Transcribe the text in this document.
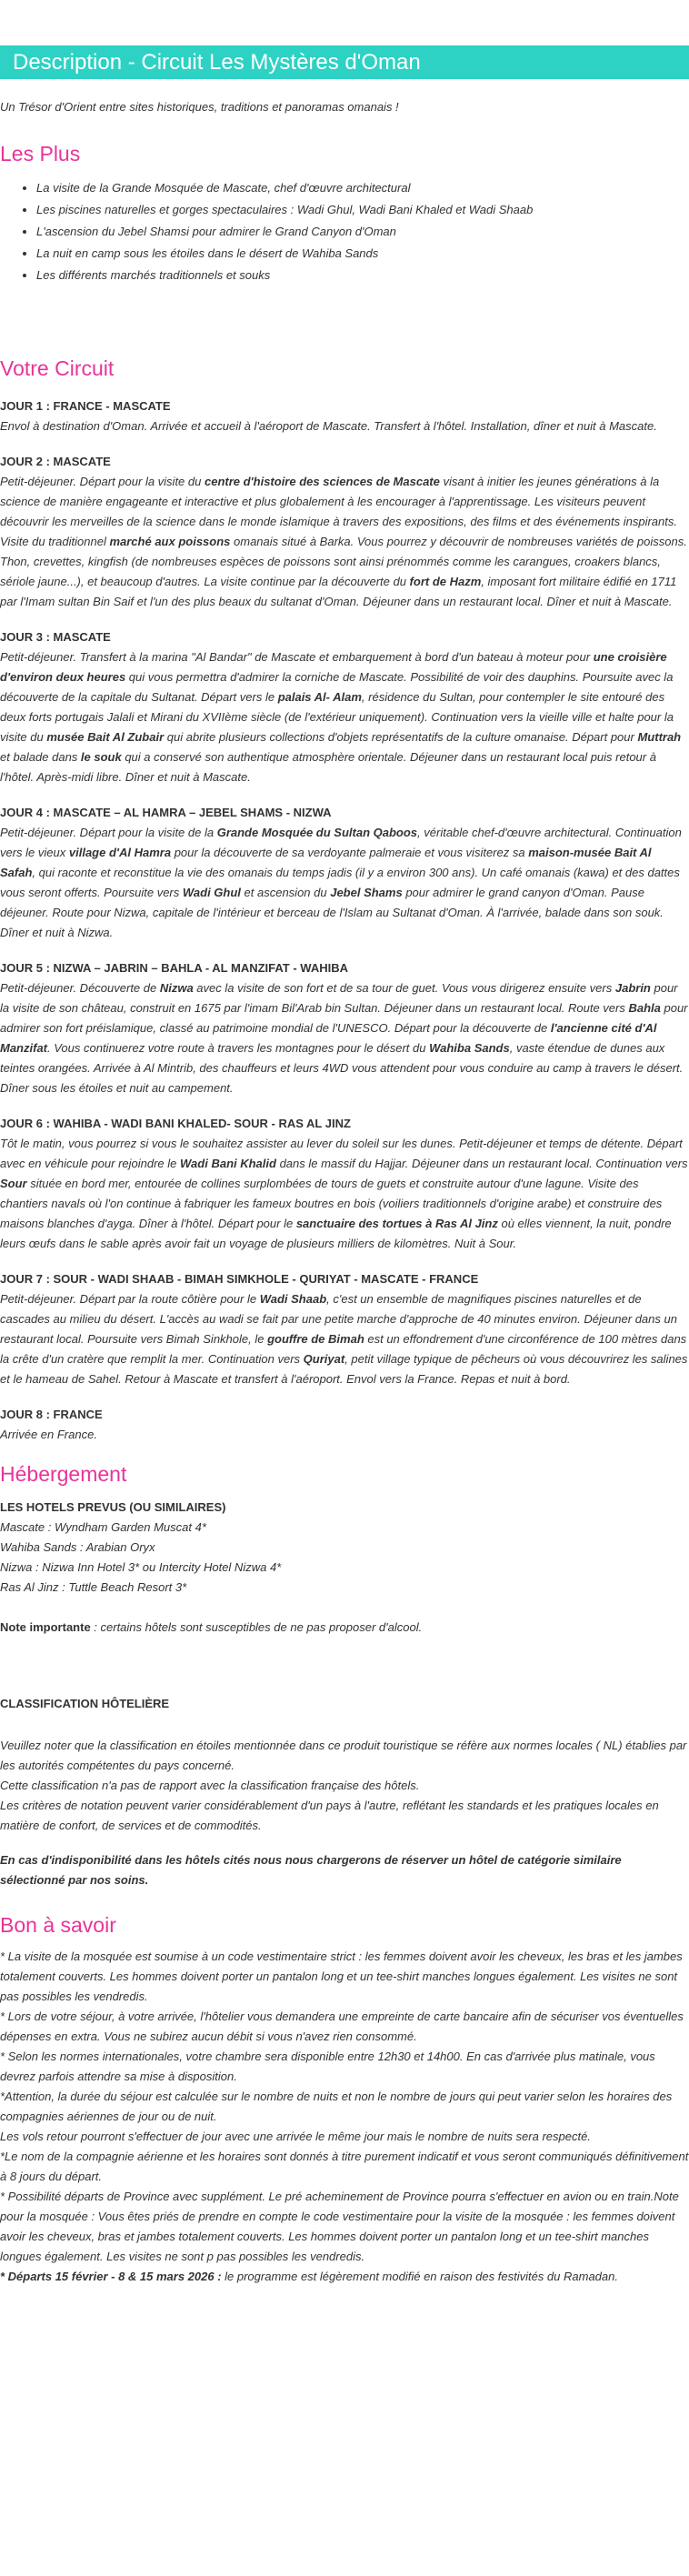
Description - Circuit Les Mystères d'Oman

Un Trésor d'Orient entre sites historiques, traditions et panoramas omanais !

Les Plus
• La visite de la Grande Mosquée de Mascate, chef d'œuvre architectural
• Les piscines naturelles et gorges spectaculaires : Wadi Ghul, Wadi Bani Khaled et Wadi Shaab
• L'ascension du Jebel Shamsi pour admirer le Grand Canyon d'Oman
• La nuit en camp sous les étoiles dans le désert de Wahiba Sands
• Les différents marchés traditionnels et souks
Votre Circuit
JOUR 1 : FRANCE - MASCATE

Envol à destination d'Oman. Arrivée et accueil à l'aéroport de Mascate. Transfert à l'hôtel. Installation, dîner et nuit à Mascate.

JOUR 2 : MASCATE

Petit-déjeuner. Départ pour la visite du centre d'histoire des sciences de Mascate visant à initier les jeunes générations à la science de manière engageante et interactive et plus globalement à les encourager à l'apprentissage. Les visiteurs peuvent découvrir les merveilles de la science dans le monde islamique à travers des expositions, des films et des événements inspirants. Visite du traditionnel marché aux poissons omanais situé à Barka. Vous pourrez y découvrir de nombreuses variétés de poissons. Thon, crevettes, kingfish (de nombreuses espèces de poissons sont ainsi prénommés comme les carangues, croakers blancs, sériole jaune...), et beaucoup d'autres. La visite continue par la découverte du fort de Hazm, imposant fort militaire édifié en 1711 par l'Imam sultan Bin Saif et l'un des plus beaux du sultanat d'Oman. Déjeuner dans un restaurant local. Dîner et nuit à Mascate.

JOUR 3 : MASCATE

Petit-déjeuner. Transfert à la marina "Al Bandar" de Mascate et embarquement à bord d'un bateau à moteur pour une croisière d'environ deux heures qui vous permettra d'admirer la corniche de Mascate. Possibilité de voir des dauphins. Poursuite avec la découverte de la capitale du Sultanat. Départ vers le palais Al- Alam, résidence du Sultan, pour contempler le site entouré des deux forts portugais Jalali et Mirani du XVIIème siècle (de l'extérieur uniquement). Continuation vers la vieille ville et halte pour la visite du musée Bait Al Zubair qui abrite plusieurs collections d'objets représentatifs de la culture omanaise. Départ pour Muttrah et balade dans le souk qui a conservé son authentique atmosphère orientale. Déjeuner dans un restaurant local puis retour à l'hôtel. Après-midi libre. Dîner et nuit à Mascate.

JOUR 4 : MASCATE – AL HAMRA – JEBEL SHAMS - NIZWA

Petit-déjeuner. Départ pour la visite de la Grande Mosquée du Sultan Qaboos, véritable chef-d'œuvre architectural. Continuation vers le vieux village d'Al Hamra pour la découverte de sa verdoyante palmeraie et vous visiterez sa maison-musée Bait Al Safah, qui raconte et reconstitue la vie des omanais du temps jadis (il y a environ 300 ans). Un café omanais (kawa) et des dattes vous seront offerts. Poursuite vers Wadi Ghul et ascension du Jebel Shams pour admirer le grand canyon d'Oman. Pause déjeuner. Route pour Nizwa, capitale de l'intérieur et berceau de l'Islam au Sultanat d'Oman. À l'arrivée, balade dans son souk. Dîner et nuit à Nizwa.

JOUR 5 : NIZWA – JABRIN – BAHLA - AL MANZIFAT - WAHIBA

Petit-déjeuner. Découverte de Nizwa avec la visite de son fort et de sa tour de guet. Vous vous dirigerez ensuite vers Jabrin pour la visite de son château, construit en 1675 par l'imam Bil'Arab bin Sultan. Déjeuner dans un restaurant local. Route vers Bahla pour admirer son fort préislamique, classé au patrimoine mondial de l'UNESCO. Départ pour la découverte de l'ancienne cité d'Al Manzifat. Vous continuerez votre route à travers les montagnes pour le désert du Wahiba Sands, vaste étendue de dunes aux teintes orangées. Arrivée à Al Mintrib, des chauffeurs et leurs 4WD vous attendent pour vous conduire au camp à travers le désert. Dîner sous les étoiles et nuit au campement.

JOUR 6 : WAHIBA - WADI BANI KHALED- SOUR - RAS AL JINZ

Tôt le matin, vous pourrez si vous le souhaitez assister au lever du soleil sur les dunes. Petit-déjeuner et temps de détente. Départ avec en véhicule pour rejoindre le Wadi Bani Khalid dans le massif du Hajjar. Déjeuner dans un restaurant local. Continuation vers Sour située en bord mer, entourée de collines surplombées de tours de guets et construite autour d'une lagune. Visite des chantiers navals où l'on continue à fabriquer les fameux boutres en bois (voiliers traditionnels d'origine arabe) et construire des maisons blanches d'ayga. Dîner à l'hôtel. Départ pour le sanctuaire des tortues à Ras Al Jinz où elles viennent, la nuit, pondre leurs œufs dans le sable après avoir fait un voyage de plusieurs milliers de kilomètres. Nuit à Sour.

JOUR 7 : SOUR - WADI SHAAB - BIMAH SIMKHOLE - QURIYAT - MASCATE - FRANCE

Petit-déjeuner. Départ par la route côtière pour le Wadi Shaab, c'est un ensemble de magnifiques piscines naturelles et de cascades au milieu du désert. L'accès au wadi se fait par une petite marche d'approche de 40 minutes environ. Déjeuner dans un restaurant local. Poursuite vers Bimah Sinkhole, le gouffre de Bimah est un effondrement d'une circonférence de 100 mètres dans la crête d'un cratère que remplit la mer. Continuation vers Quriyat, petit village typique de pêcheurs où vous découvrirez les salines et le hameau de Sahel. Retour à Mascate et transfert à l'aéroport. Envol vers la France. Repas et nuit à bord.

JOUR 8 : FRANCE

Arrivée en France.

Hébergement
LES HOTELS PREVUS (OU SIMILAIRES)
Mascate : Wyndham Garden Muscat 4*
Wahiba Sands : Arabian Oryx
Nizwa : Nizwa Inn Hotel 3* ou Intercity Hotel Nizwa 4*
Ras Al Jinz : Tuttle Beach Resort 3*
Note importante : certains hôtels sont susceptibles de ne pas proposer d'alcool.
CLASSIFICATION HÔTELIÈRE
Veuillez noter que la classification en étoiles mentionnée dans ce produit touristique se réfère aux normes locales ( NL) établies par les autorités compétentes du pays concerné.
Cette classification n'a pas de rapport avec la classification française des hôtels.
Les critères de notation peuvent varier considérablement d'un pays à l'autre, reflétant les standards et les pratiques locales en matière de confort, de services et de commodités.
En cas d'indisponibilité dans les hôtels cités nous nous chargerons de réserver un hôtel de catégorie similaire sélectionné par nos soins.
Bon à savoir

* La visite de la mosquée est soumise à un code vestimentaire strict : les femmes doivent avoir les cheveux, les bras et les jambes totalement couverts. Les hommes doivent porter un pantalon long et un tee-shirt manches longues également. Les visites ne sont pas possibles les vendredis.

* Lors de votre séjour, à votre arrivée, l'hôtelier vous demandera une empreinte de carte bancaire afin de sécuriser vos éventuelles dépenses en extra. Vous ne subirez aucun débit si vous n'avez rien consommé.

* Selon les normes internationales, votre chambre sera disponible entre 12h30 et 14h00. En cas d'arrivée plus matinale, vous devrez parfois attendre sa mise à disposition.

*Attention, la durée du séjour est calculée sur le nombre de nuits et non le nombre de jours qui peut varier selon les horaires des compagnies aériennes de jour ou de nuit.

Les vols retour pourront s'effectuer de jour avec une arrivée le même jour mais le nombre de nuits sera respecté.

*Le nom de la compagnie aérienne et les horaires sont donnés à titre purement indicatif et vous seront communiqués définitivement à 8 jours du départ.

* Possibilité départs de Province avec supplément. Le pré acheminement de Province pourra s'effectuer en avion ou en train.Note pour la mosquée : Vous êtes priés de prendre en compte le code vestimentaire pour la visite de la mosquée : les femmes doivent avoir les cheveux, bras et jambes totalement couverts. Les hommes doivent porter un pantalon long et un tee-shirt manches longues également. Les visites ne sont p pas possibles les vendredis.

* Départs 15 février - 8 & 15 mars 2026 : le programme est légèrement modifié en raison des festivités du Ramadan.
